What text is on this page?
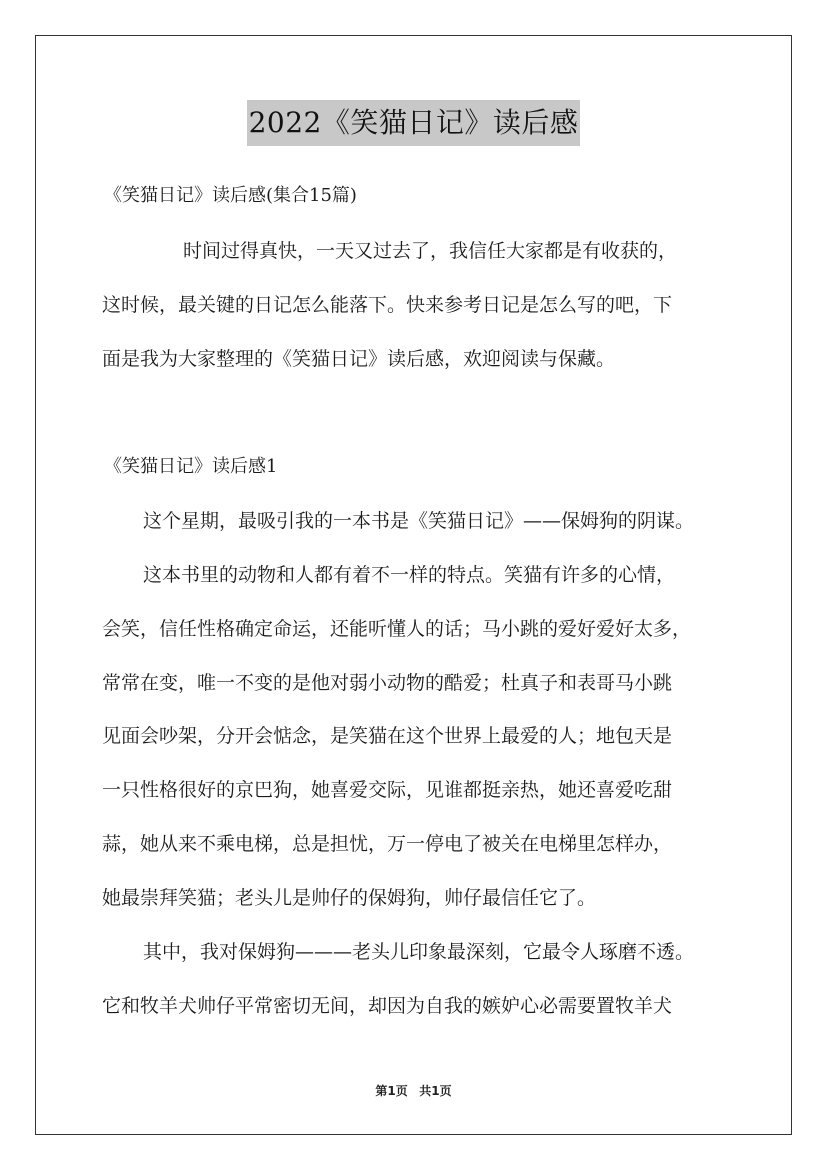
2022《笑猫日记》读后感
《笑猫日记》读后感(集合15篇)
时间过得真快，一天又过去了，我信任大家都是有收获的，
这时候，最关键的日记怎么能落下。快来参考日记是怎么写的吧，下
面是我为大家整理的《笑猫日记》读后感，欢迎阅读与保藏。
《笑猫日记》读后感1
这个星期，最吸引我的一本书是《笑猫日记》——保姆狗的阴谋。
这本书里的动物和人都有着不一样的特点。笑猫有许多的心情，
会笑，信任性格确定命运，还能听懂人的话；马小跳的爱好爱好太多，
常常在变，唯一不变的是他对弱小动物的酷爱；杜真子和表哥马小跳
见面会吵架，分开会惦念，是笑猫在这个世界上最爱的人；地包天是
一只性格很好的京巴狗，她喜爱交际，见谁都挺亲热，她还喜爱吃甜
蒜，她从来不乘电梯，总是担忧，万一停电了被关在电梯里怎样办，
她最崇拜笑猫；老头儿是帅仔的保姆狗，帅仔最信任它了。
其中，我对保姆狗———老头儿印象最深刻，它最令人琢磨不透。
它和牧羊犬帅仔平常密切无间，却因为自我的嫉妒心必需要置牧羊犬
第1页 共1页
